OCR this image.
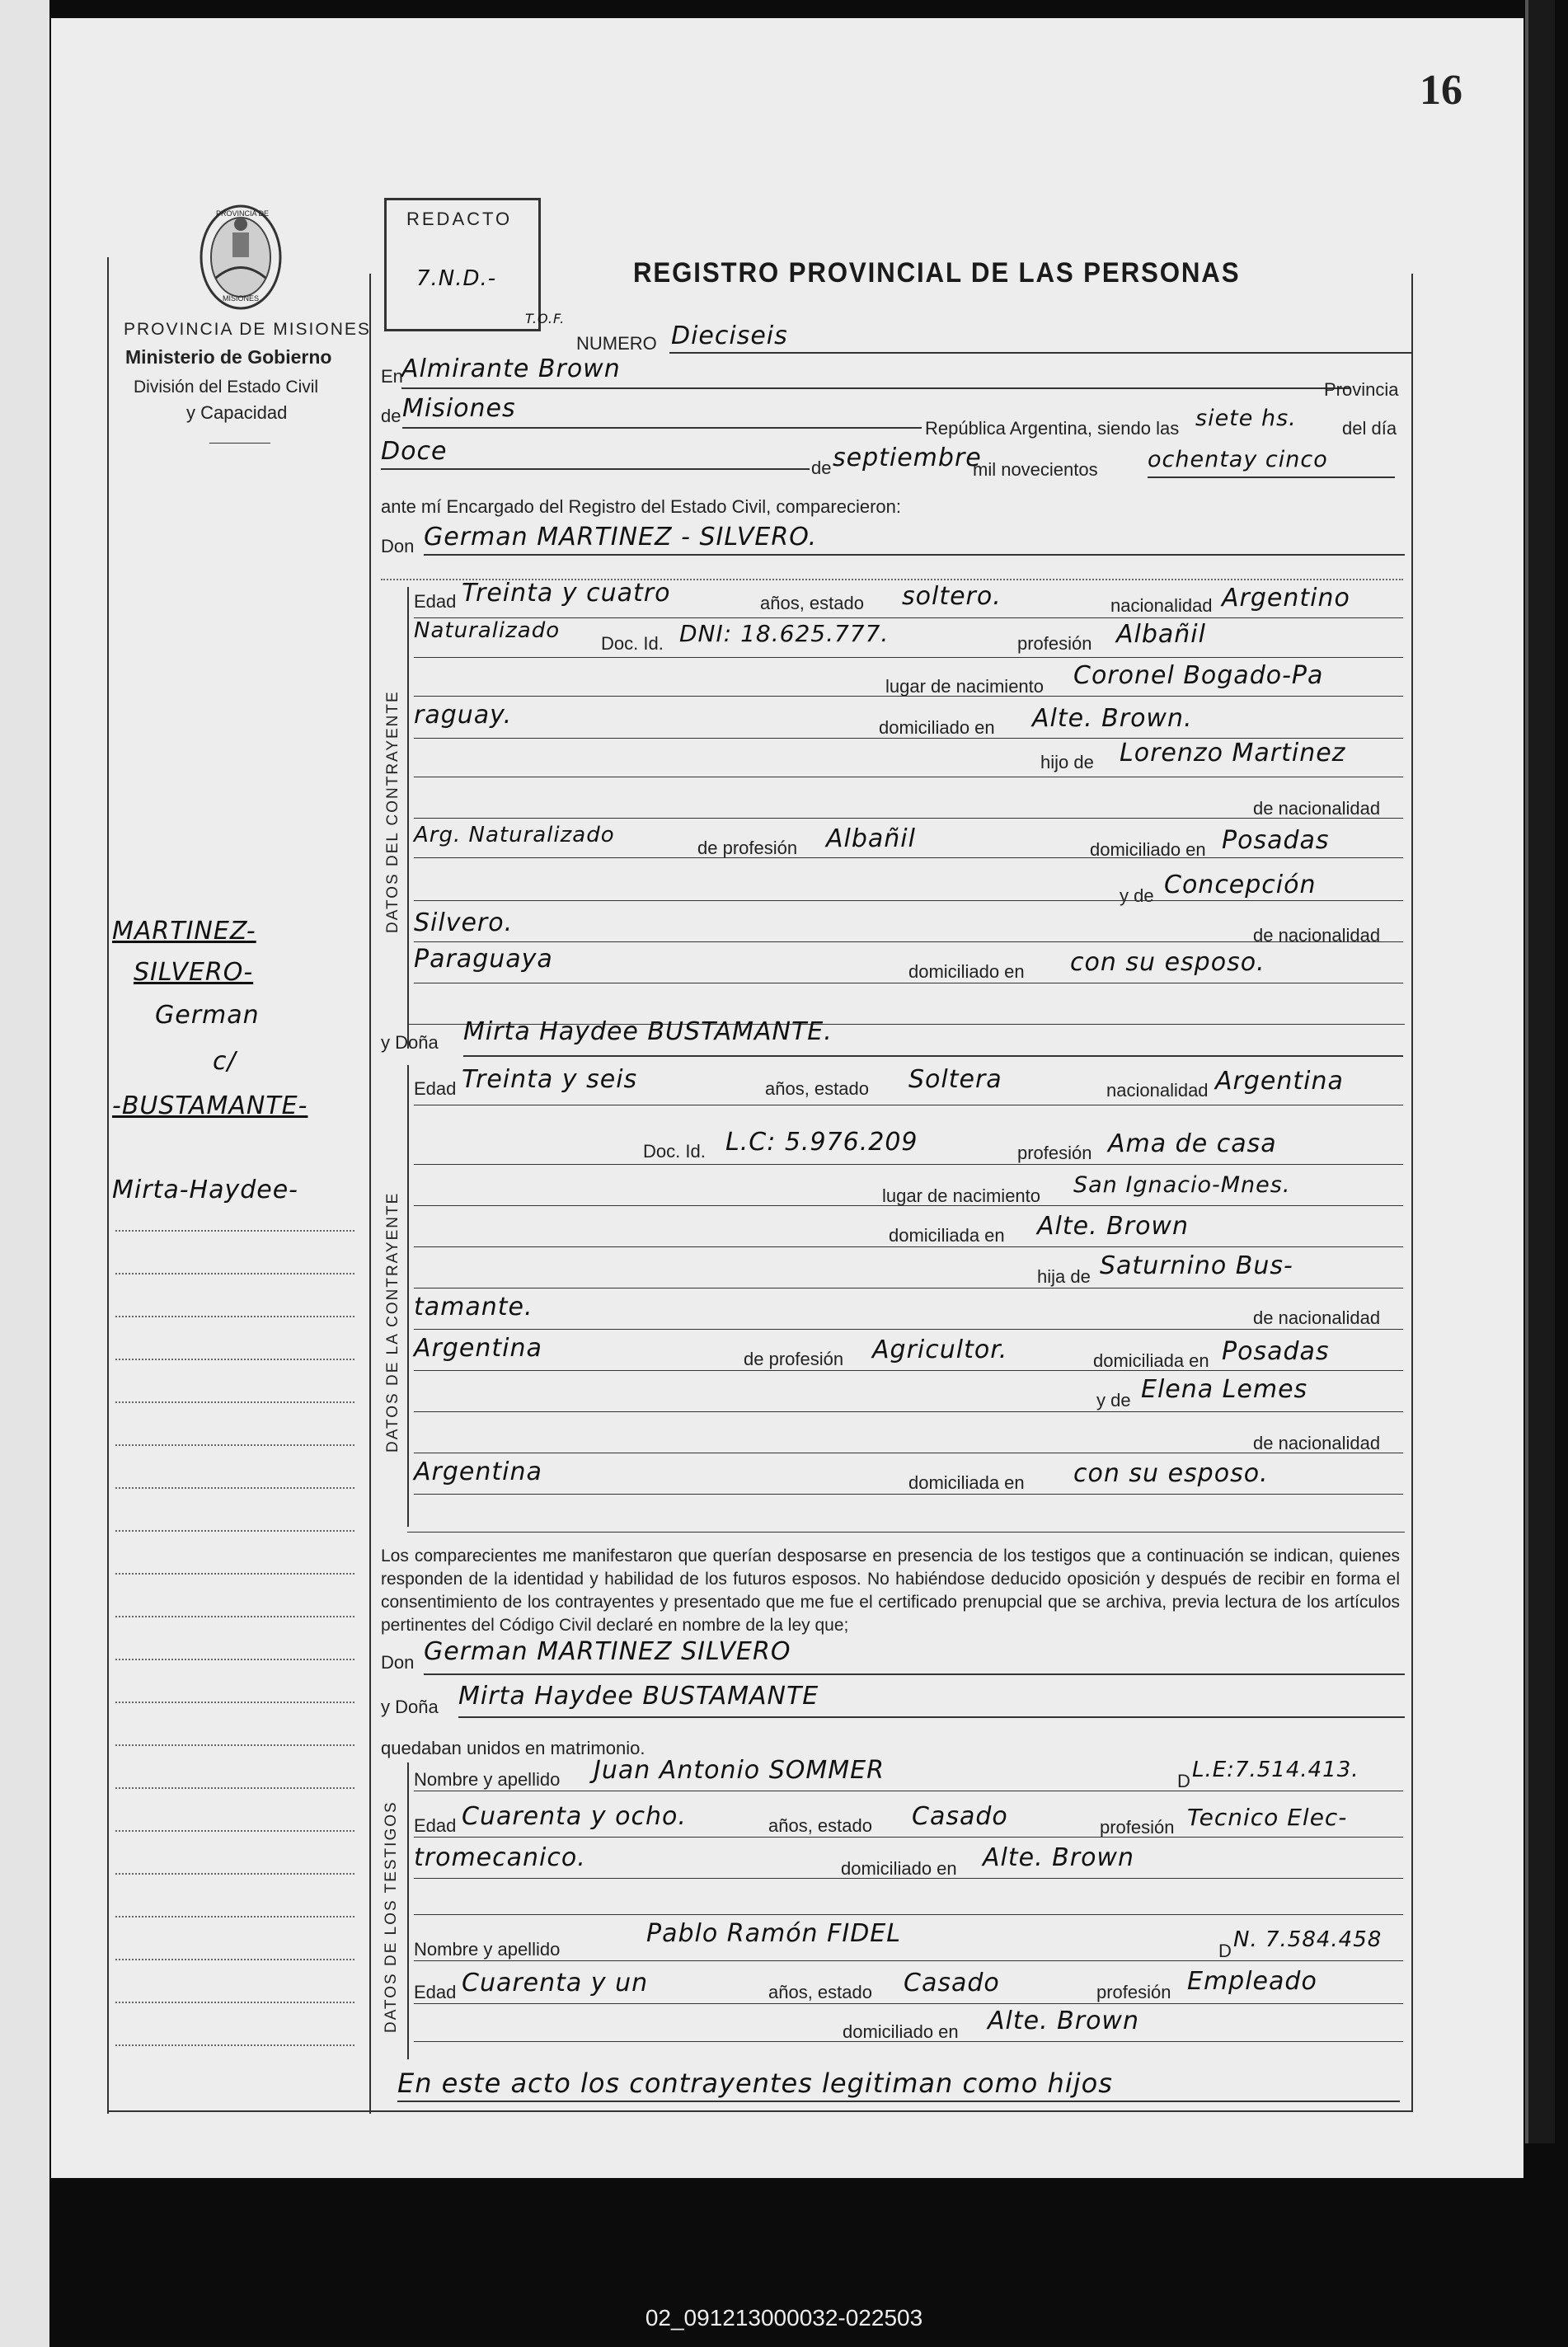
16
PROVINCIA DE
MISIONES
PROVINCIA DE MISIONES
Ministerio de Gobierno
División del Estado Civil
y Capacidad
REDACTO
7.N.D.-
T.O.F.
REGISTRO PROVINCIAL DE LAS PERSONAS
NUMERO Dieciseis
En
Almirante Brown
Provincia
de Misiones
República Argentina, siendo las siete hs.	del día
Doce
de septiembre
mil novecientos ochentay cinco
ante mí Encargado del Registro del Estado Civil, comparecieron:
Don German MARTINEZ - SILVERO.
DATOS DEL CONTRAYENTE
Edad Treinta y cuatro	años, estado soltero.	nacionalidad Argentino
Naturalizado
Doc. Id. DNI: 18.625.777.	profesión Albañil
lugar de nacimiento Coronel Bogado-Pa
raguay.	domiciliado en Alte. Brown.
hijo de Lorenzo Martinez
de nacionalidad
Arg. Naturalizado
de profesión Albañil	domiciliado en Posadas
y de Concepción
Silvero.	de nacionalidad
Paraguaya	domiciliado en con su esposo.
y Doña Mirta Haydee BUSTAMANTE.
DATOS DE LA CONTRAYENTE
Edad Treinta y seis	años, estado Soltera	nacionalidad Argentina
Doc. Id. L.C: 5.976.209	profesión Ama de casa
lugar de nacimiento San Ignacio-Mnes.
domiciliada en Alte. Brown
hija de Saturnino Bus-
tamante.	de nacionalidad
Argentina	de profesión Agricultor.	domiciliada en Posadas
y de Elena Lemes
de nacionalidad
Argentina	domiciliada en con su esposo.
MARTINEZ-
SILVERO-
German
c/
-BUSTAMANTE-
Mirta-Haydee-
Los comparecientes me manifestaron que querían desposarse en presencia de los testigos que a continuación se indican, quienes responden de la identidad y habilidad de los futuros esposos. No habiéndose deducido oposición y después de recibir en forma el consentimiento de los contrayentes y presentado que me fue el certificado prenupcial que se archiva, previa lectura de los artículos pertinentes del Código Civil declaré en nombre de la ley que;
Don German MARTINEZ SILVERO
y Doña Mirta Haydee BUSTAMANTE
quedaban unidos en matrimonio.
DATOS DE LOS TESTIGOS
Nombre y apellido Juan Antonio SOMMER	D L.E:7.514.413.
Edad Cuarenta y ocho.	años, estado Casado	profesión Tecnico Elec-
tromecanico.	domiciliado en Alte. Brown
Nombre y apellido
Pablo Ramón FIDEL
D N. 7.584.458
Edad Cuarenta y un	años, estado Casado	profesión Empleado
domiciliado en Alte. Brown
En este acto los contrayentes legitiman como hijos
02_091213000032-022503
